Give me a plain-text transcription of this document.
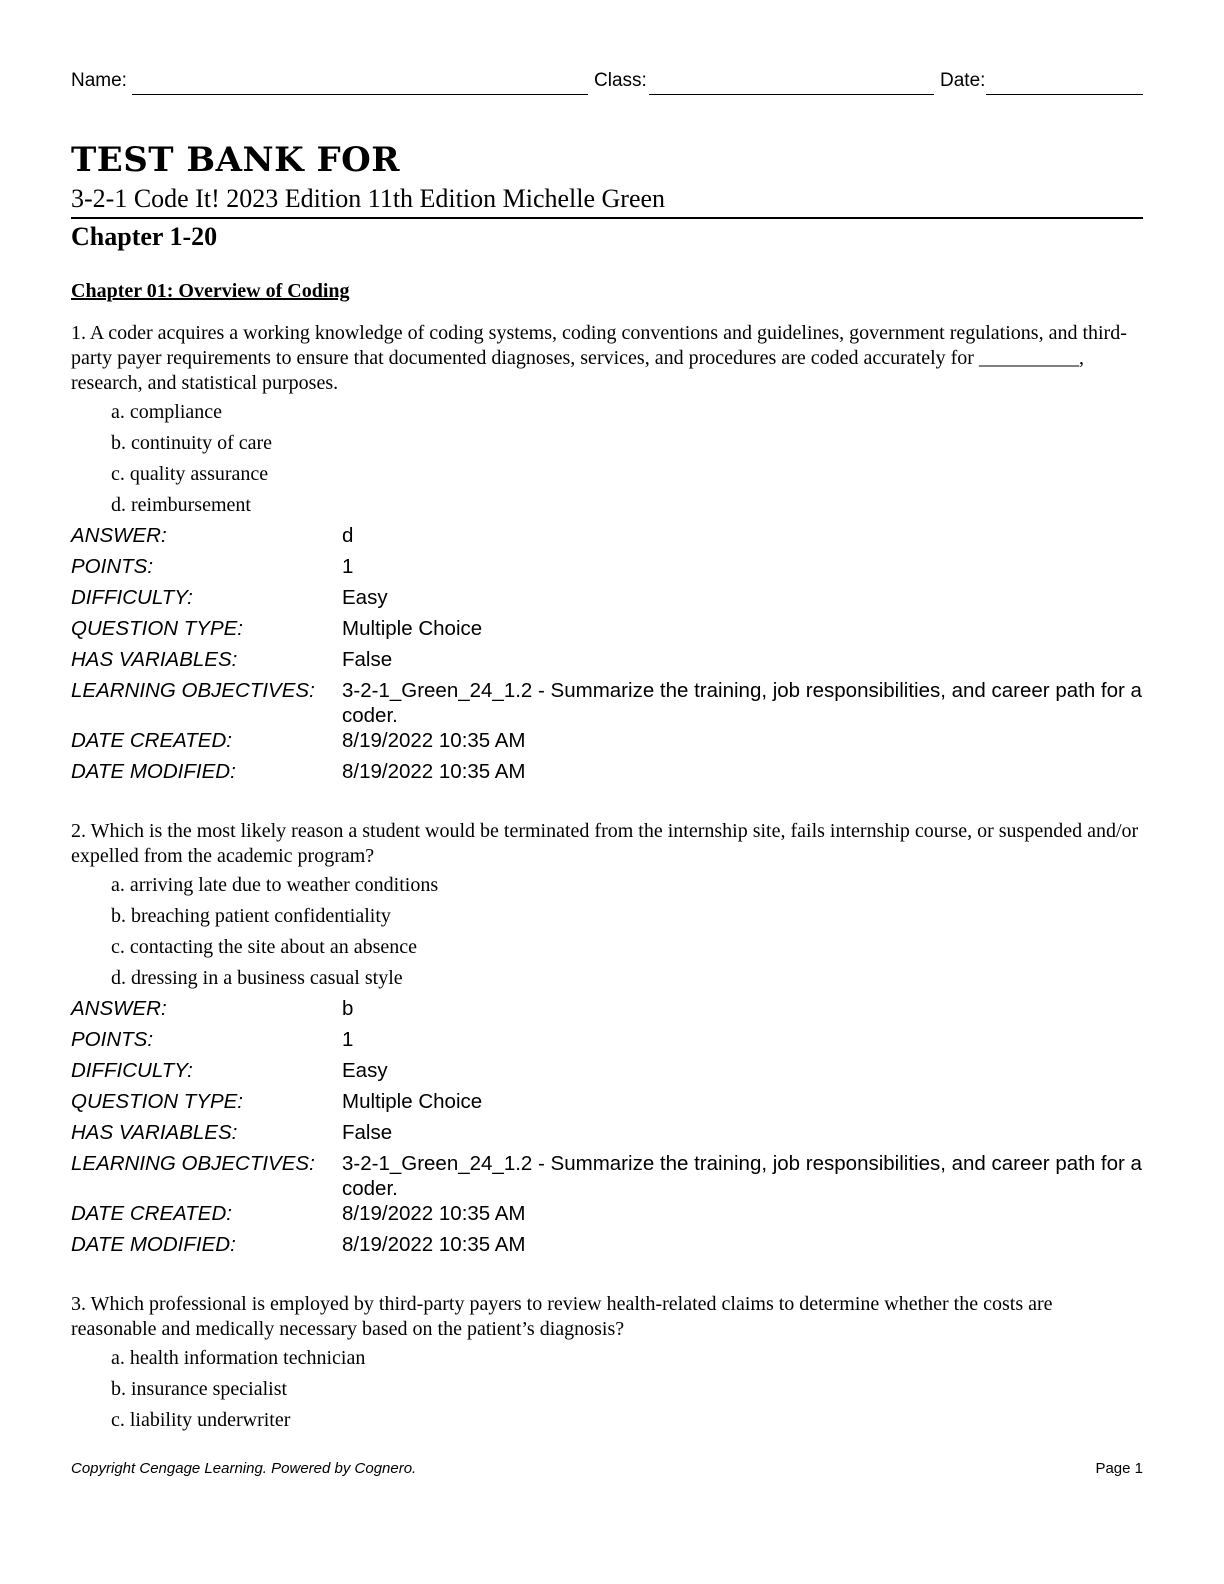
Name:	Class:	Date:
TEST BANK FOR
3-2-1 Code It! 2023 Edition 11th Edition Michelle Green
Chapter 1-20
Chapter 01: Overview of Coding

1. A coder acquires a working knowledge of coding systems, coding conventions and guidelines, government regulations, and third-party payer requirements to ensure that documented diagnoses, services, and procedures are coded accurately for __________, research, and statistical purposes.

a. compliance
b. continuity of care
c. quality assurance
d. reimbursement
ANSWER:	d
POINTS:	1
DIFFICULTY:	Easy
QUESTION TYPE:	Multiple Choice
HAS VARIABLES:	False
LEARNING OBJECTIVES:	3-2-1_Green_24_1.2 - Summarize the training, job responsibilities, and career path for a coder.
DATE CREATED:	8/19/2022 10:35 AM
DATE MODIFIED:	8/19/2022 10:35 AM

2. Which is the most likely reason a student would be terminated from the internship site, fails internship course, or suspended and/or expelled from the academic program?

a. arriving late due to weather conditions
b. breaching patient confidentiality
c. contacting the site about an absence
d. dressing in a business casual style
ANSWER:	b
POINTS:	1
DIFFICULTY:	Easy
QUESTION TYPE:	Multiple Choice
HAS VARIABLES:	False
LEARNING OBJECTIVES:	3-2-1_Green_24_1.2 - Summarize the training, job responsibilities, and career path for a coder.
DATE CREATED:	8/19/2022 10:35 AM
DATE MODIFIED:	8/19/2022 10:35 AM

3. Which professional is employed by third-party payers to review health-related claims to determine whether the costs are reasonable and medically necessary based on the patient’s diagnosis?

a. health information technician
b. insurance specialist
c. liability underwriter
Copyright Cengage Learning. Powered by Cognero.	Page 1
